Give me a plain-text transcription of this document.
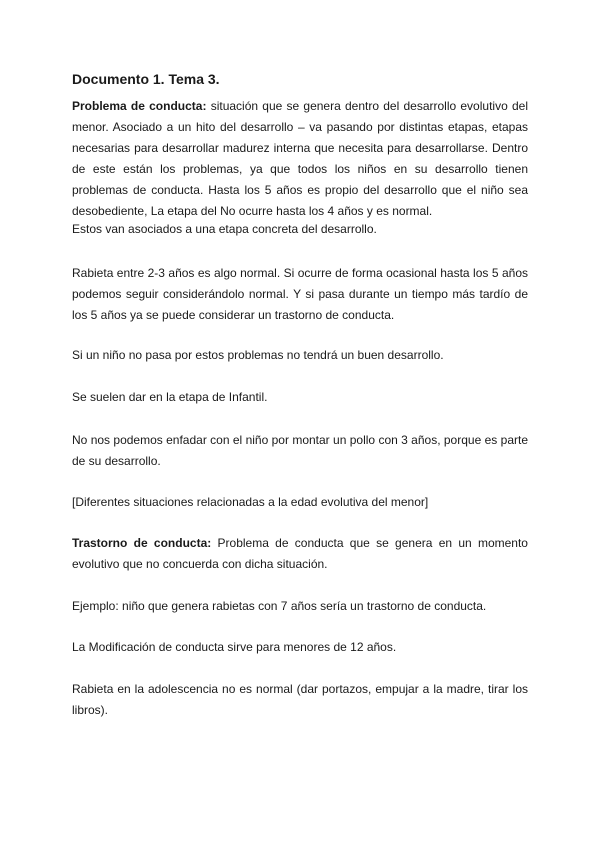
Documento 1. Tema 3.

Problema de conducta: situación que se genera dentro del desarrollo evolutivo del menor. Asociado a un hito del desarrollo – va pasando por distintas etapas, etapas necesarias para desarrollar madurez interna que necesita para desarrollarse. Dentro de este están los problemas, ya que todos los niños en su desarrollo tienen problemas de conducta. Hasta los 5 años es propio del desarrollo que el niño sea desobediente, La etapa del No ocurre hasta los 4 años y es normal.

Estos van asociados a una etapa concreta del desarrollo.

Rabieta entre 2-3 años es algo normal. Si ocurre de forma ocasional hasta los 5 años podemos seguir considerándolo normal. Y si pasa durante un tiempo más tardío de los 5 años ya se puede considerar un trastorno de conducta.

Si un niño no pasa por estos problemas no tendrá un buen desarrollo.

Se suelen dar en la etapa de Infantil.

No nos podemos enfadar con el niño por montar un pollo con 3 años, porque es parte de su desarrollo.

[Diferentes situaciones relacionadas a la edad evolutiva del menor]

Trastorno de conducta: Problema de conducta que se genera en un momento evolutivo que no concuerda con dicha situación.

Ejemplo: niño que genera rabietas con 7 años sería un trastorno de conducta.

La Modificación de conducta sirve para menores de 12 años.

Rabieta en la adolescencia no es normal (dar portazos, empujar a la madre, tirar los libros).
